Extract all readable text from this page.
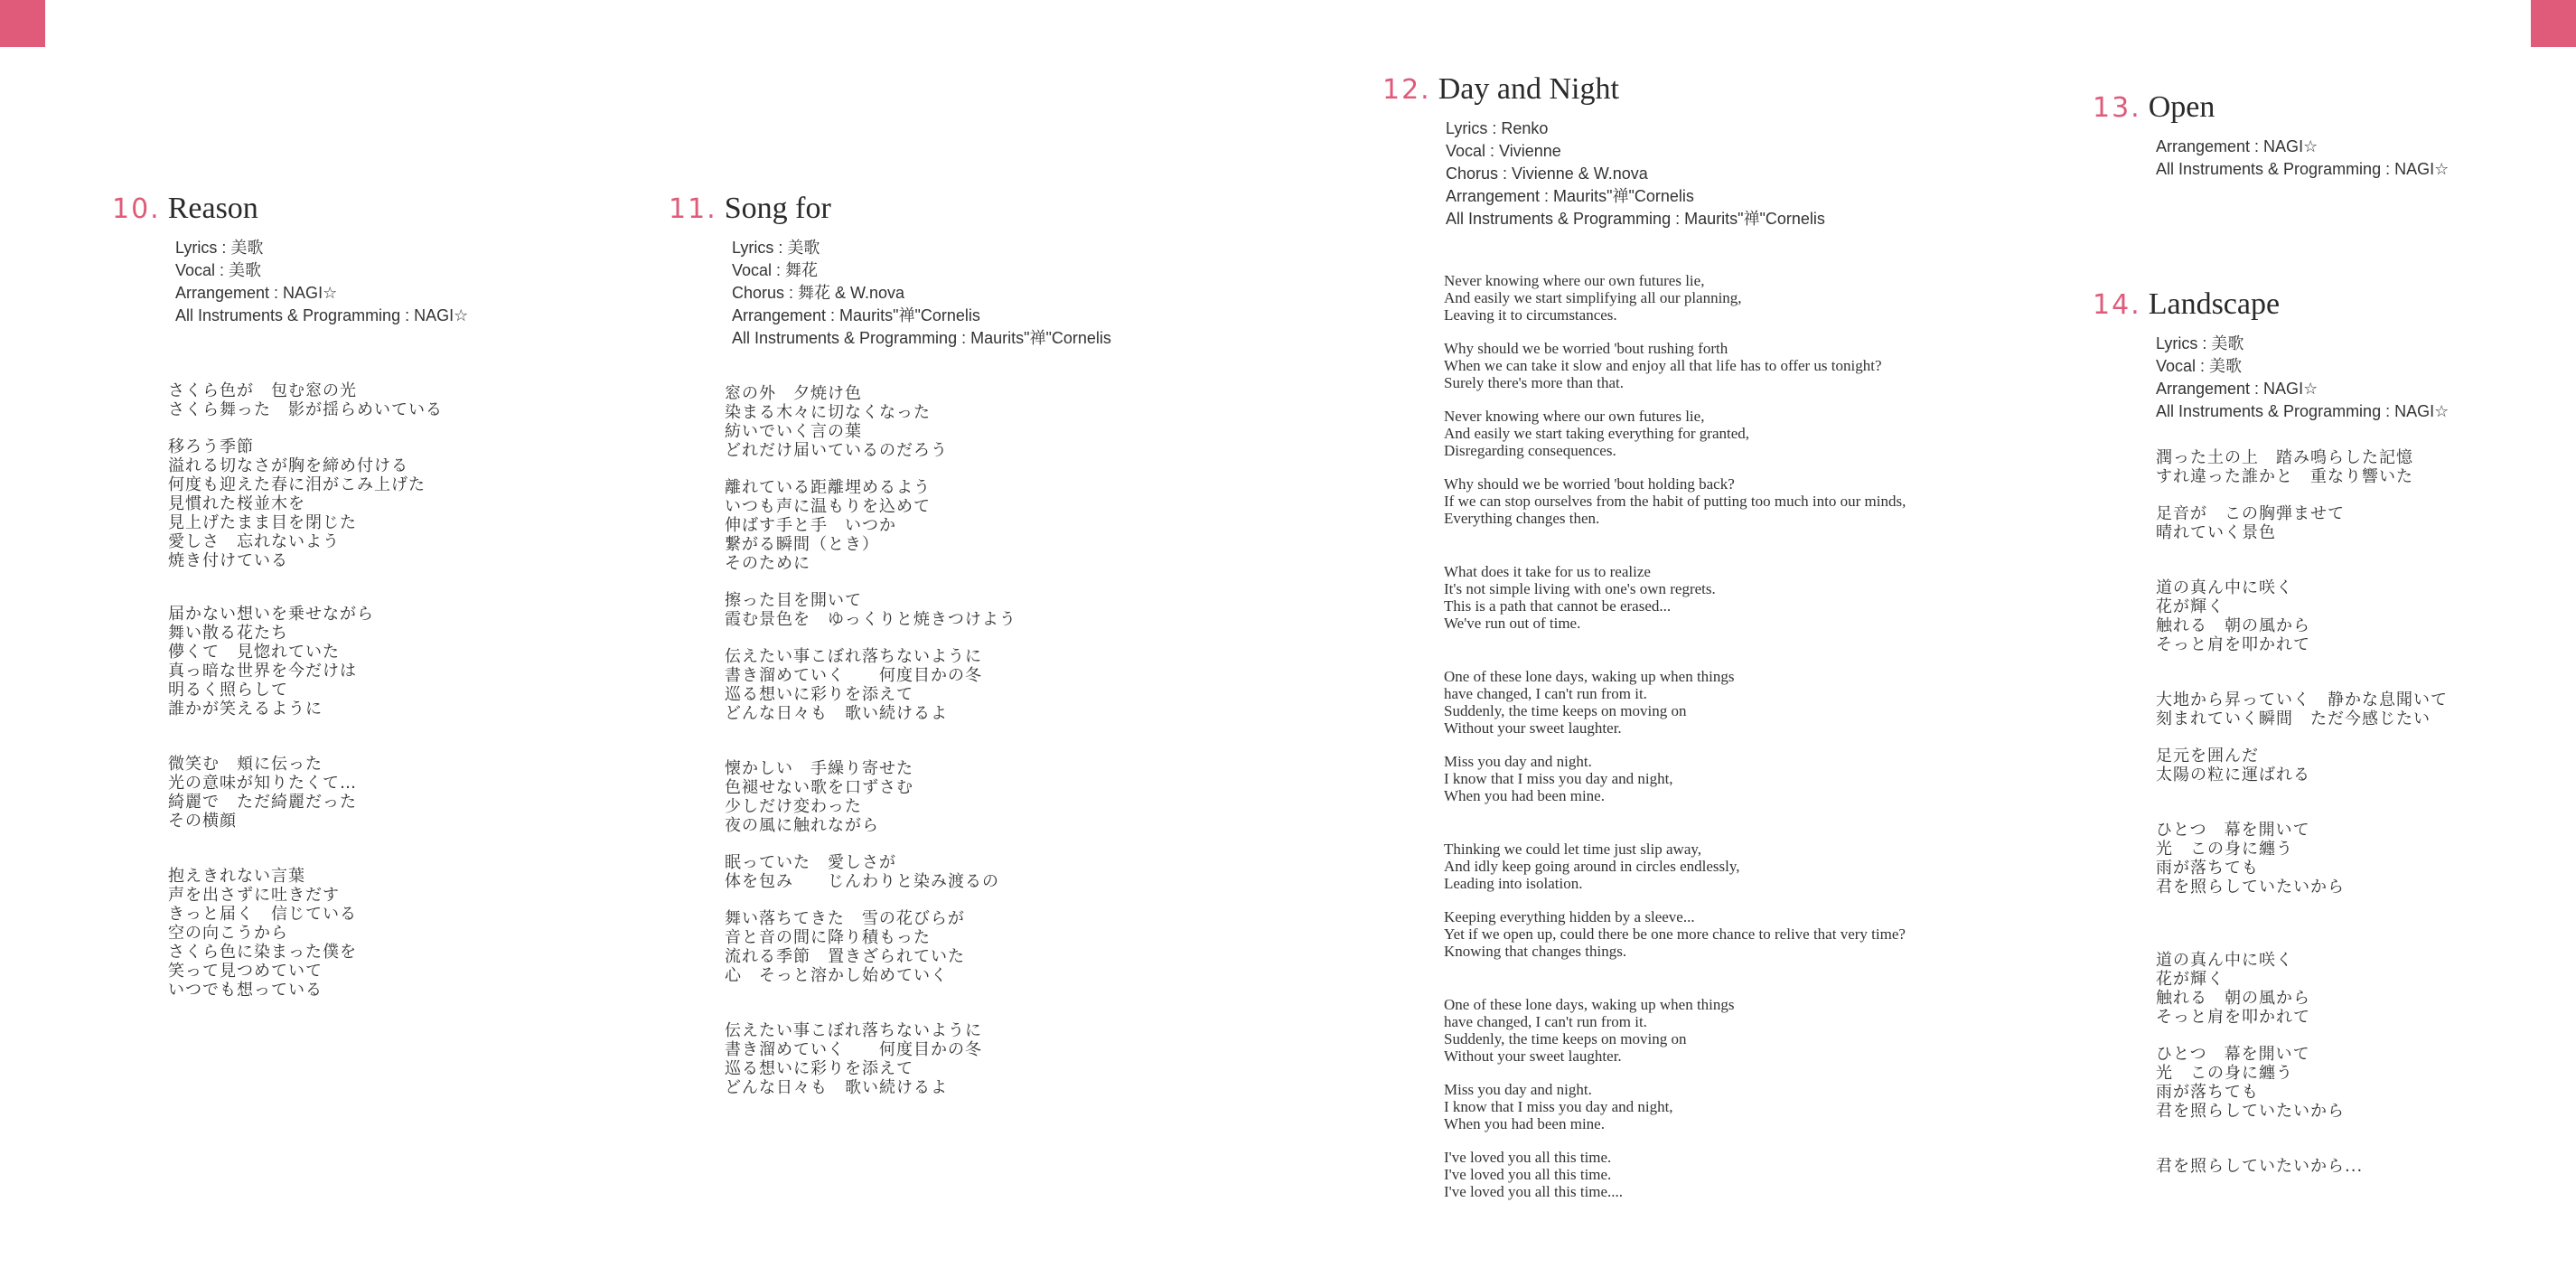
10. Reason
Lyrics : 美歌
Vocal : 美歌
Arrangement : NAGI☆
All Instruments & Programming : NAGI☆
さくら色が　包む窓の光
さくら舞った　影が揺らめいている
移ろう季節
溢れる切なさが胸を締め付ける
何度も迎えた春に泪がこみ上げた
見慣れた桜並木を
見上げたまま目を閉じた
愛しさ　忘れないよう
焼き付けている
届かない想いを乗せながら
舞い散る花たち
儚くて　見惚れていた
真っ暗な世界を今だけは
明るく照らして
誰かが笑えるように
微笑む　頬に伝った
光の意味が知りたくて…
綺麗で　ただ綺麗だった
その横顔
抱えきれない言葉
声を出さずに吐きだす
きっと届く　信じている
空の向こうから
さくら色に染まった僕を
笑って見つめていて
いつでも想っている
11. Song for
Lyrics : 美歌
Vocal : 舞花
Chorus : 舞花 & W.nova
Arrangement : Maurits"禅"Cornelis
All Instruments & Programming : Maurits"禅"Cornelis
窓の外　夕焼け色
染まる木々に切なくなった
紡いでいく言の葉
どれだけ届いているのだろう
離れている距離埋めるよう
いつも声に温もりを込めて
伸ばす手と手　いつか
繋がる瞬間（とき）
そのために
擦った目を開いて
霞む景色を　ゆっくりと焼きつけよう
伝えたい事こぼれ落ちないように
書き溜めていく　　何度目かの冬
巡る想いに彩りを添えて
どんな日々も　歌い続けるよ
懐かしい　手繰り寄せた
色褪せない歌を口ずさむ
少しだけ変わった
夜の風に触れながら
眠っていた　愛しさが
体を包み　　じんわりと染み渡るの
舞い落ちてきた　雪の花びらが
音と音の間に降り積もった
流れる季節　置きざられていた
心　そっと溶かし始めていく
伝えたい事こぼれ落ちないように
書き溜めていく　　何度目かの冬
巡る想いに彩りを添えて
どんな日々も　歌い続けるよ
12. Day and Night
Lyrics : Renko
Vocal : Vivienne
Chorus : Vivienne & W.nova
Arrangement : Maurits"禅"Cornelis
All Instruments & Programming : Maurits"禅"Cornelis
Never knowing where our own futures lie,
And easily we start simplifying all our planning,
Leaving it to circumstances.
Why should we be worried 'bout rushing forth
When we can take it slow and enjoy all that life has to offer us tonight?
Surely there's more than that.
Never knowing where our own futures lie,
And easily we start taking everything for granted,
Disregarding consequences.
Why should we be worried 'bout holding back?
If we can stop ourselves from the habit of putting too much into our minds,
Everything changes then.
What does it take for us to realize
It's not simple living with one's own regrets.
This is a path that cannot be erased...
We've run out of time.
One of these lone days, waking up when things
have changed, I can't run from it.
Suddenly, the time keeps on moving on
Without your sweet laughter.
Miss you day and night.
I know that I miss you day and night,
When you had been mine.
Thinking we could let time just slip away,
And idly keep going around in circles endlessly,
Leading into isolation.
Keeping everything hidden by a sleeve...
Yet if we open up, could there be one more chance to relive that very time?
Knowing that changes things.
One of these lone days, waking up when things
have changed, I can't run from it.
Suddenly, the time keeps on moving on
Without your sweet laughter.
Miss you day and night.
I know that I miss you day and night,
When you had been mine.
I've loved you all this time.
I've loved you all this time.
I've loved you all this time....
13. Open
Arrangement : NAGI☆
All Instruments & Programming : NAGI☆
14. Landscape
Lyrics : 美歌
Vocal : 美歌
Arrangement : NAGI☆
All Instruments & Programming : NAGI☆
潤った土の上　踏み鳴らした記憶
すれ違った誰かと　重なり響いた
足音が　この胸弾ませて
晴れていく景色
道の真ん中に咲く
花が輝く
触れる　朝の風から
そっと肩を叩かれて
大地から昇っていく　静かな息聞いて
刻まれていく瞬間　ただ今感じたい
足元を囲んだ
太陽の粒に運ばれる
ひとつ　幕を開いて
光　この身に纏う
雨が落ちても
君を照らしていたいから
道の真ん中に咲く
花が輝く
触れる　朝の風から
そっと肩を叩かれて
ひとつ　幕を開いて
光　この身に纏う
雨が落ちても
君を照らしていたいから
君を照らしていたいから...
